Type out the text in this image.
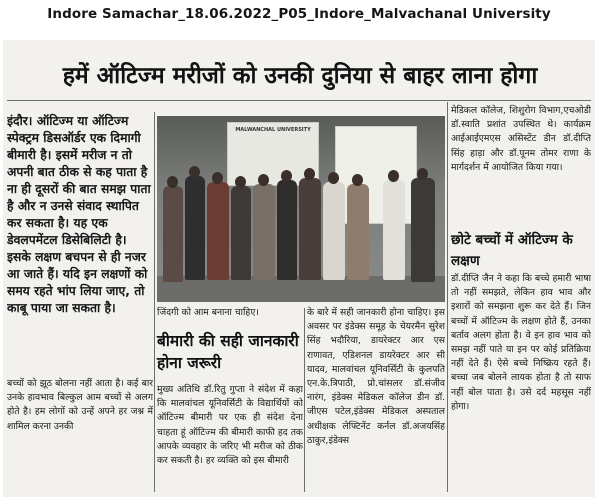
Indore Samachar_18.06.2022_P05_Indore_Malvachanal University
हमें ऑटिज्म मरीजों को उनकी दुनिया से बाहर लाना होगा

इंदौर। ऑटिज्म या ऑटिज्म स्पेक्ट्रम डिसऑर्डर एक दिमागी बीमारी है। इसमें मरीज न तो अपनी बात ठीक से कह पाता है ना ही दूसरों की बात समझ पाता है और न उनसे संवाद स्थापित कर सकता है। यह एक डेवलपमेंटल डिसेबिलिटी है। इसके लक्षण बचपन से ही नजर आ जाते हैं। यदि इन लक्षणों को समय रहते भांप लिया जाए, तो काबू पाया जा सकता है।

बच्चों को झूठ बोलना नहीं आता है। कई बार उनके हावभाव बिल्कुल आम बच्चों से अलग होते है। हम लोगों को उन्हें अपने हर जश्न में शामिल करना उनकी

MALWANCHAL UNIVERSITY

जिंदगी को आम बनाना चाहिए।

बीमारी की सही जानकारी होना जरूरी

मुख्य अतिथि डॉ.रितु गुप्ता ने संदेश में कहा कि मालवांचल यूनिवर्सिटी के विद्यार्थियों को ऑटिज्म बीमारी पर एक ही संदेश देना चाहता हूं ऑटिज्म की बीमारी काफी हद तक आपके व्यवहार के जरिए भी मरीज को ठीक कर सकती है। हर व्यक्ति को इस बीमारी

के बारे में सही जानकारी होना चाहिए। इस अवसर पर इंडेक्स समूह के चेयरमैन सुरेश सिंह भदौरिया, डायरेक्टर आर एस राणावत, एडिशनल डायरेक्टर आर सी यादव, मालवांचल यूनिवर्सिटी के कुलपति एन.के.त्रिपाठी, प्रो.चांसलर डॉ.संजीव नारंग, इंडेक्स मेडिकल कॉलेज डीन डॉ. जीएस पटेल,इंडेक्स मेडिकल अस्पताल अधीक्षक लेफ्टिनेंट कर्नल डॉ.अजयसिंह ठाकुर,इंडेक्स

मेडिकल कॉलेज, शिशुरोग विभाग,एचओडी डॉ.स्वाति प्रशांत उपस्थित थे। कार्यक्रम आईआईएमएस असिस्टेंट डीन डॉ.दीप्ति सिंह हाड़ा और डॉ.पूनम तोमर राणा के मार्गदर्शन में आयोजित किया गया।

छोटे बच्चों में ऑटिज्म के लक्षण

डॉ.दीप्ति जैन ने कहा कि बच्चे हमारी भाषा तो नहीं समझते, लेकिन हाव भाव और इशारों को समझना शुरू कर देते हैं। जिन बच्चों में ऑटिज्म के लक्षण होते हैं, उनका बर्ताव अलग होता है। वे इन हाव भाव को समझ नहीं पाते या इन पर कोई प्रतिक्रिया नहीं देते हैं। ऐसे बच्चे निष्क्रिय रहते हैं। बच्चा जब बोलने लायक होता है तो साफ नहीं बोल पाता है। उसे दर्द महसूस नहीं होगा।
